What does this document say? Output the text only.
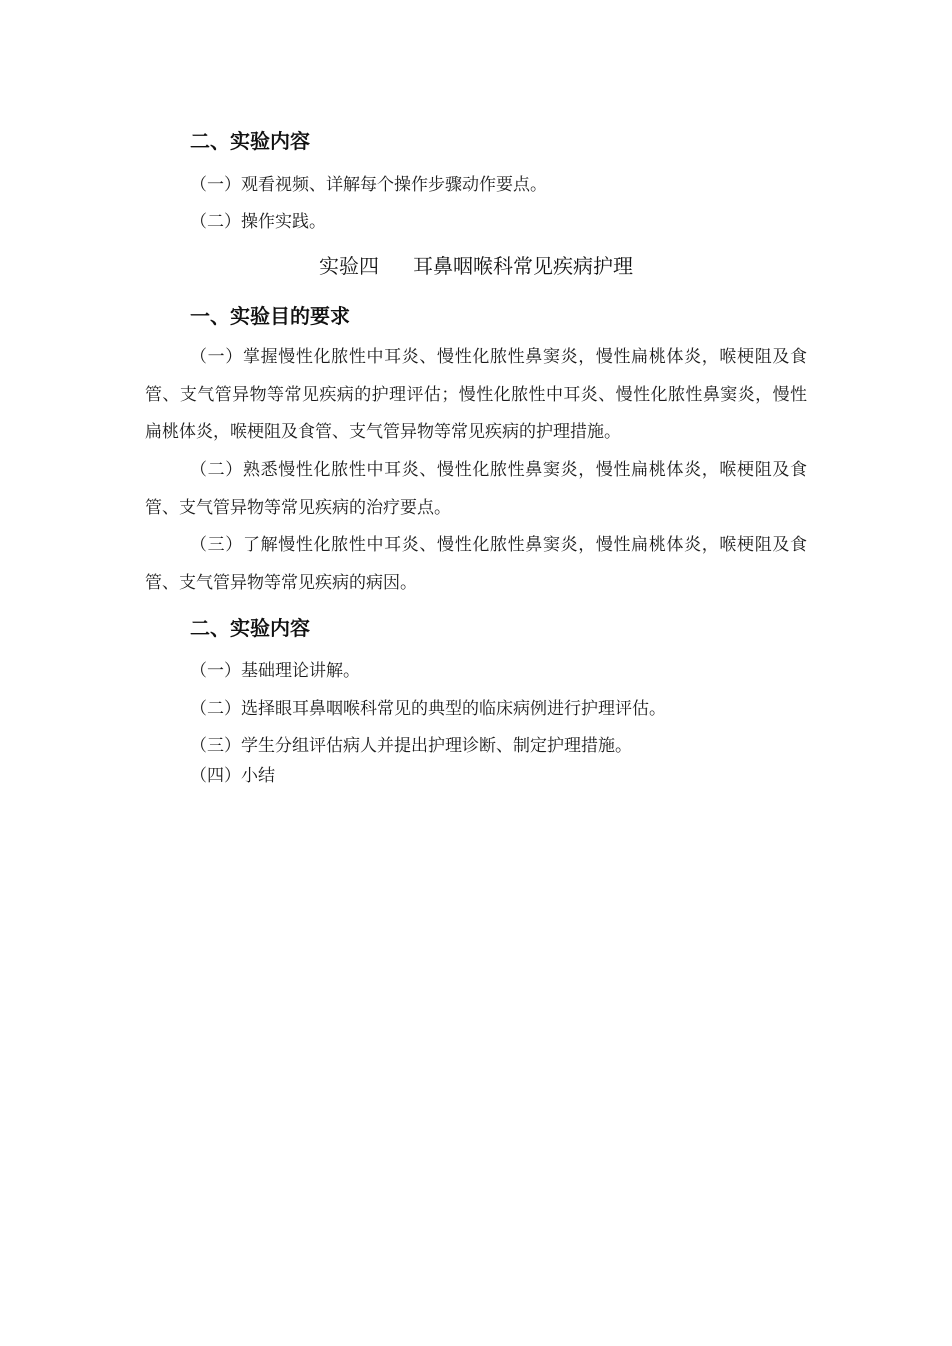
二、实验内容
（一）观看视频、详解每个操作步骤动作要点。
（二）操作实践。
实验四 耳鼻咽喉科常见疾病护理
一、实验目的要求
（一）掌握慢性化脓性中耳炎、慢性化脓性鼻窦炎，慢性扁桃体炎，喉梗阻及食管、支气管异物等常见疾病的护理评估；慢性化脓性中耳炎、慢性化脓性鼻窦炎，慢性扁桃体炎，喉梗阻及食管、支气管异物等常见疾病的护理措施。
（二）熟悉慢性化脓性中耳炎、慢性化脓性鼻窦炎，慢性扁桃体炎，喉梗阻及食管、支气管异物等常见疾病的治疗要点。
（三）了解慢性化脓性中耳炎、慢性化脓性鼻窦炎，慢性扁桃体炎，喉梗阻及食管、支气管异物等常见疾病的病因。
二、实验内容
（一）基础理论讲解。
（二）选择眼耳鼻咽喉科常见的典型的临床病例进行护理评估。
（三）学生分组评估病人并提出护理诊断、制定护理措施。
（四）小结
